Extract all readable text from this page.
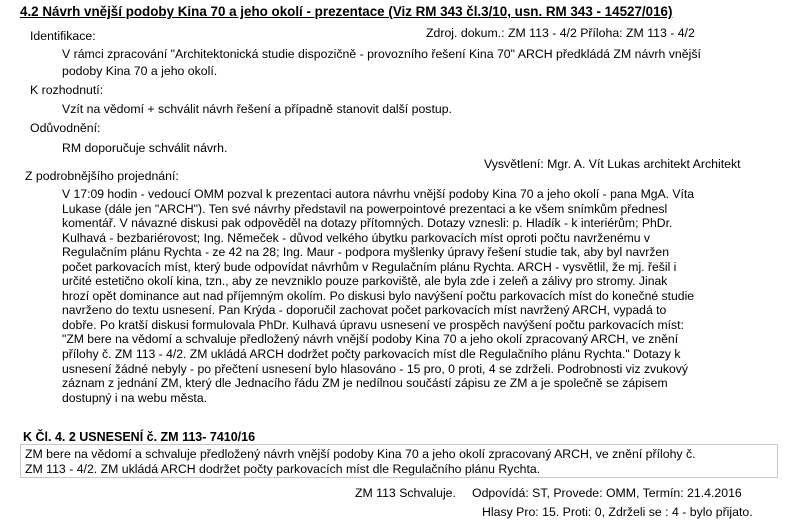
4.2 Návrh vnější podoby Kina 70 a jeho okolí - prezentace (Viz RM 343 čl.3/10, usn. RM 343 - 14527/016)
Identifikace:	Zdroj. dokum.: ZM 113 - 4/2 Příloha: ZM 113 - 4/2
V rámci zpracování "Architektonická studie dispozičně - provozního řešení Kina 70" ARCH předkládá ZM návrh vnější
podoby Kina 70 a jeho okolí.
K rozhodnutí:
Vzít na vědomí + schválit návrh řešení a případně stanovit další postup.
Odůvodnění:
RM doporučuje schválit návrh.
Vysvětlení: Mgr. A. Vít Lukas architekt Architekt
Z podrobnějšího projednání:

V 17:09 hodin - vedoucí OMM pozval k prezentaci autora návrhu vnější podoby Kina 70 a jeho okolí - pana MgA. Víta

Lukase (dále jen "ARCH"). Ten své návrhy představil na powerpointové prezentaci a ke všem snímkům přednesl

komentář. V návazné diskusi pak odpověděl na dotazy přítomných. Dotazy vznesli: p. Hladík - k interiérům; PhDr.

Kulhavá - bezbariérovost; Ing. Němeček - důvod velkého úbytku parkovacích míst oproti počtu navrženému v

Regulačním plánu Rychta - ze 42 na 28; Ing. Maur - podpora myšlenky úpravy řešení studie tak, aby byl navržen

počet parkovacích míst, který bude odpovídat návrhům v Regulačním plánu Rychta. ARCH - vysvětlil, že mj. řešil i

určité estetično okolí kina, tzn., aby ze nevzniklo pouze parkoviště, ale byla zde i zeleň a zálivy pro stromy. Jinak

hrozí opět dominance aut nad příjemným okolím. Po diskusi bylo navýšení počtu parkovacích míst do konečné studie

navrženo do textu usnesení. Pan Krýda - doporučil zachovat počet parkovacích míst navržený ARCH, vypadá to

dobře. Po kratší diskusi formulovala PhDr. Kulhavá úpravu usnesení ve prospěch navýšení počtu parkovacích míst:

"ZM bere na vědomí a schvaluje předložený návrh vnější podoby Kina 70 a jeho okolí zpracovaný ARCH, ve znění

přílohy č. ZM 113 - 4/2. ZM ukládá ARCH dodržet počty parkovacích míst dle Regulačního plánu Rychta." Dotazy k

usnesení žádné nebyly - po přečtení usnesení bylo hlasováno - 15 pro, 0 proti, 4 se zdrželi. Podrobnosti viz zvukový

záznam z jednání ZM, který dle Jednacího řádu ZM je nedílnou součástí zápisu ze ZM a je společně se zápisem

dostupný i na webu města.

K Čl. 4. 2 USNESENÍ č. ZM 113- 7410/16
ZM bere na vědomí a schvaluje předložený návrh vnější podoby Kina 70 a jeho okolí zpracovaný ARCH, ve znění přílohy č.
ZM 113 - 4/2. ZM ukládá ARCH dodržet počty parkovacích míst dle Regulačního plánu Rychta.
ZM 113 Schvaluje. Odpovídá: ST, Provede: OMM, Termín: 21.4.2016
Hlasy Pro: 15. Proti: 0, Zdrželi se : 4 - bylo přijato.
